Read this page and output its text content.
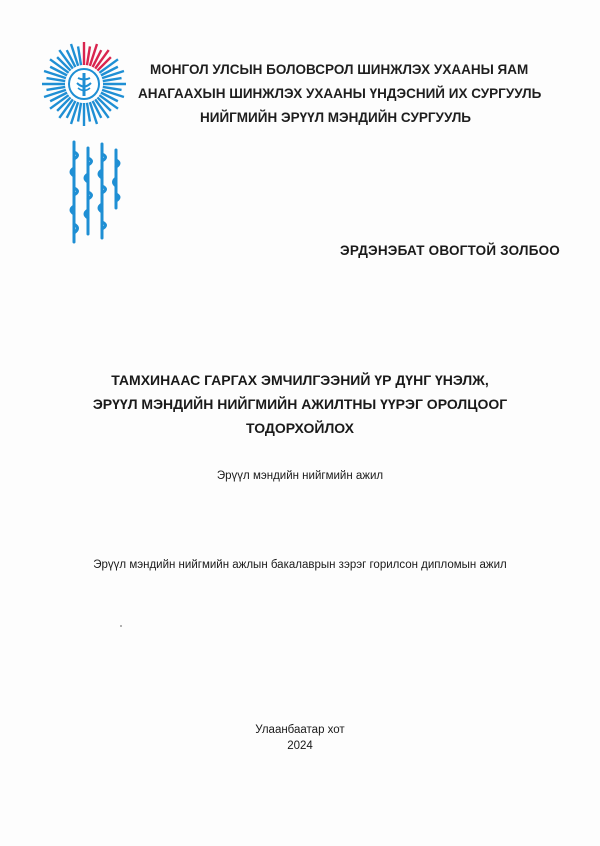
МОНГОЛ УЛСЫН БОЛОВСРОЛ ШИНЖЛЭХ УХААНЫ ЯАМ
АНАГААХЫН ШИНЖЛЭХ УХААНЫ ҮНДЭСНИЙ ИХ СУРГУУЛЬ
НИЙГМИЙН ЭРҮҮЛ МЭНДИЙН СУРГУУЛЬ
ЭРДЭНЭБАТ ОВОГТОЙ ЗОЛБОО
ТАМХИНААС ГАРГАХ ЭМЧИЛГЭЭНИЙ ҮР ДҮНГ ҮНЭЛЖ,
ЭРҮҮЛ МЭНДИЙН НИЙГМИЙН АЖИЛТНЫ ҮҮРЭГ ОРОЛЦООГ
ТОДОРХОЙЛОХ
Эрүүл мэндийн нийгмийн ажил
Эрүүл мэндийн нийгмийн ажлын бакалаврын зэрэг горилсон дипломын ажил
Улаанбаатар хот
2024
